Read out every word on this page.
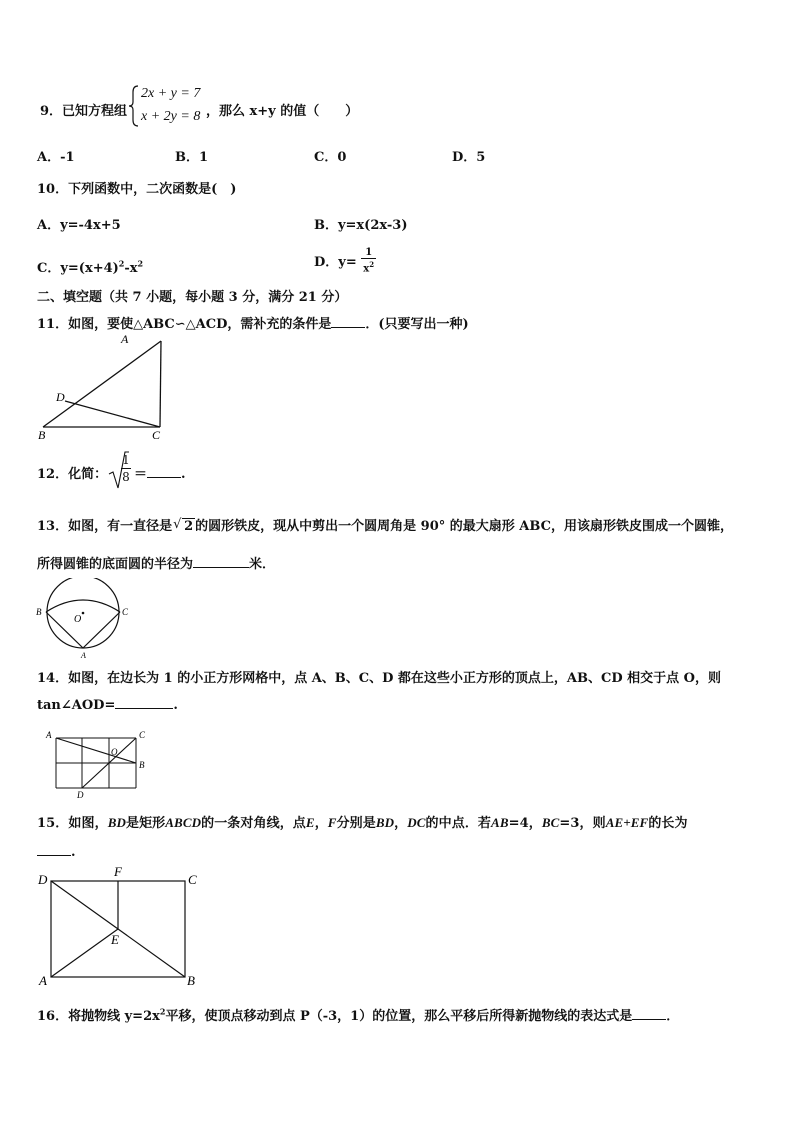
9．已知方程组
2x + y = 7
x + 2y = 8 ，那么 x+y 的值（　　）
A．-1	B．1	C．0	D．5
10．下列函数中，二次函数是(　)
A．y=-4x+5	B．y=x(2x-3)
C．$y=(x+4)^2-x^2$	D．$y= \frac{1}{x^2}$
二、填空题（共 7 小题，每小题 3 分，满分 21 分）
11．如图，要使△ABC∽△ACD，需补充的条件是	．(只要写出一种)
A
D
B	C
12．化简：
1
8 ＝	.
13．如图，有一直径是 √ 2 的圆形铁皮，现从中剪出一个圆周角是 90° 的最大扇形 ABC，用该扇形铁皮围成一个圆锥，
所得圆锥的底面圆的半径为	米．
B	C
O
A
14．如图，在边长为 1 的小正方形网格中，点 A、B、C、D 都在这些小正方形的顶点上，AB、CD 相交于点 O，则
tan∠AOD=	.
A	C
O
B
D
15．如图，BD是矩形ABCD的一条对角线，点E，F分别是BD，DC的中点．若AB=4，BC=3，则AE+EF的长为
.
D
F
C
E
A	B
16．将抛物线 $y=2x^2$平移，使顶点移动到点 P（-3，1）的位置，那么平移后所得新抛物线的表达式是	．
